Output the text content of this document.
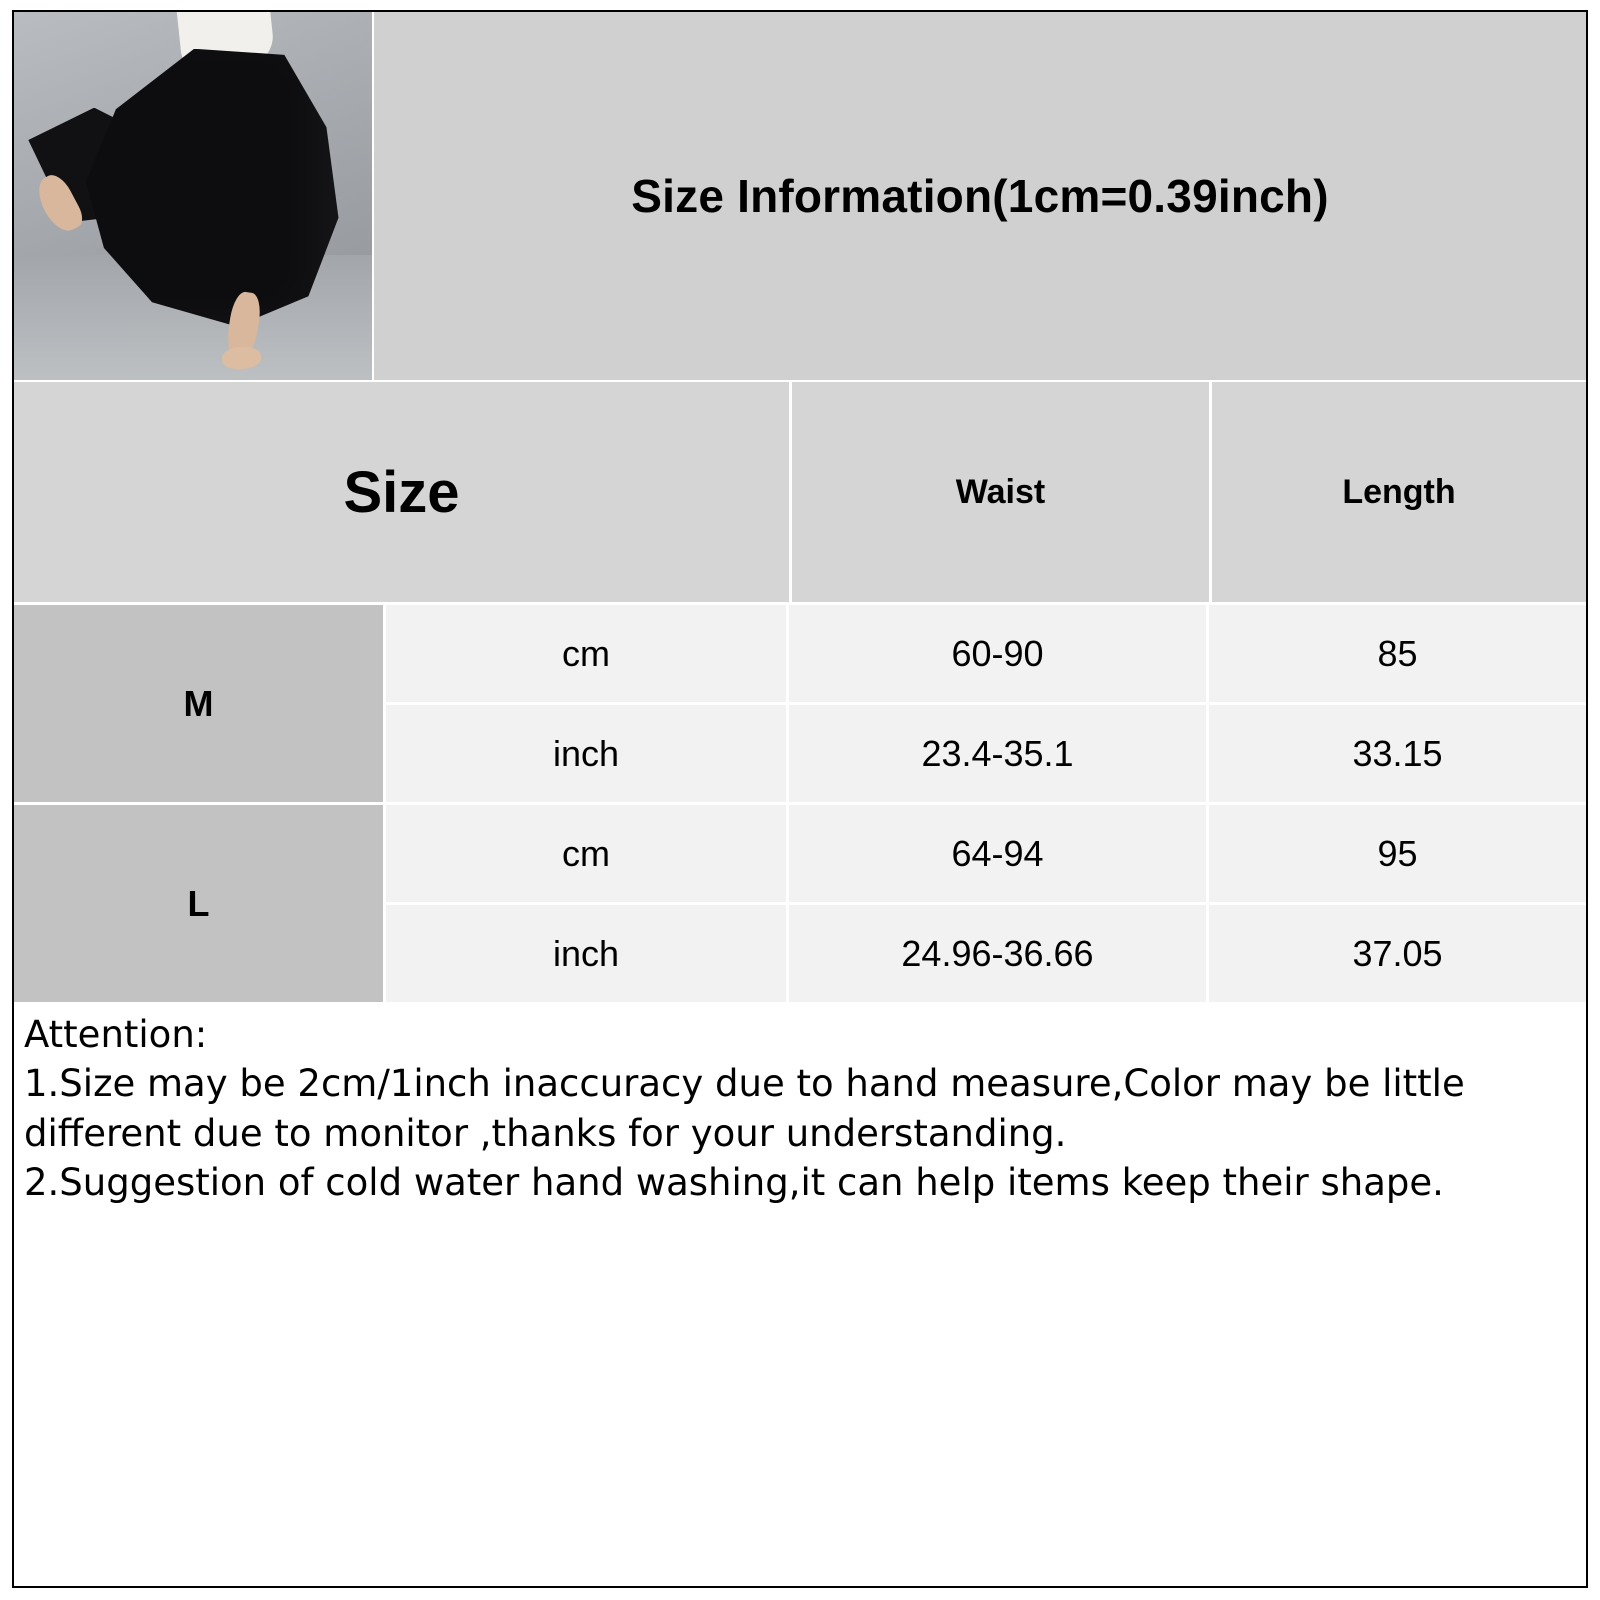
Size Information(1cm=0.39inch)
Size	Waist	Length
M
cm	60-90	85
inch	23.4-35.1	33.15
L
cm	64-94	95
inch	24.96-36.66	37.05

Attention:

1.Size may be 2cm/1inch inaccuracy due to hand measure,Color may be little

different due to monitor ,thanks for your understanding.

2.Suggestion of cold water hand washing,it can help items keep their shape.
